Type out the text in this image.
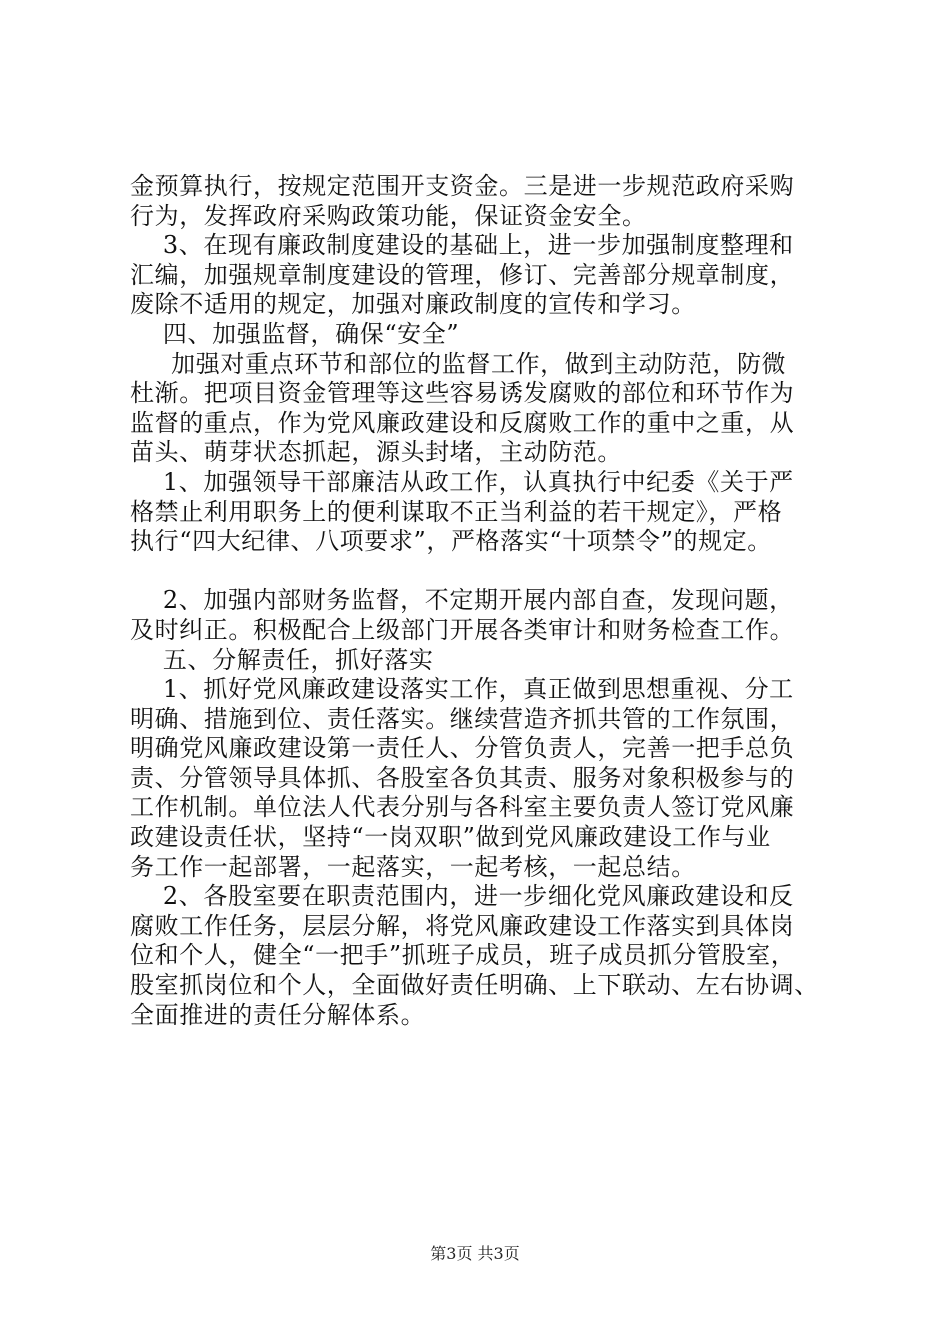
金预算执行，按规定范围开支资金。三是进一步规范政府采购
行为，发挥政府采购政策功能，保证资金安全。
3、在现有廉政制度建设的基础上，进一步加强制度整理和
汇编，加强规章制度建设的管理，修订、完善部分规章制度，
废除不适用的规定，加强对廉政制度的宣传和学习。
四、加强监督，确保“安全”
加强对重点环节和部位的监督工作，做到主动防范，防微
杜渐。把项目资金管理等这些容易诱发腐败的部位和环节作为
监督的重点，作为党风廉政建设和反腐败工作的重中之重，从
苗头、萌芽状态抓起，源头封堵，主动防范。
1、加强领导干部廉洁从政工作，认真执行中纪委《关于严
格禁止利用职务上的便利谋取不正当利益的若干规定》，严格
执行“四大纪律、八项要求”，严格落实“十项禁令”的规定。
2、加强内部财务监督，不定期开展内部自查，发现问题，
及时纠正。积极配合上级部门开展各类审计和财务检查工作。
五、分解责任，抓好落实
1、抓好党风廉政建设落实工作，真正做到思想重视、分工
明确、措施到位、责任落实。继续营造齐抓共管的工作氛围，
明确党风廉政建设第一责任人、分管负责人，完善一把手总负
责、分管领导具体抓、各股室各负其责、服务对象积极参与的
工作机制。单位法人代表分别与各科室主要负责人签订党风廉
政建设责任状，坚持“一岗双职”做到党风廉政建设工作与业
务工作一起部署，一起落实，一起考核，一起总结。
2、各股室要在职责范围内，进一步细化党风廉政建设和反
腐败工作任务，层层分解，将党风廉政建设工作落实到具体岗
位和个人，健全“一把手”抓班子成员，班子成员抓分管股室，
股室抓岗位和个人，全面做好责任明确、上下联动、左右协调、
全面推进的责任分解体系。
第3页 共3页
